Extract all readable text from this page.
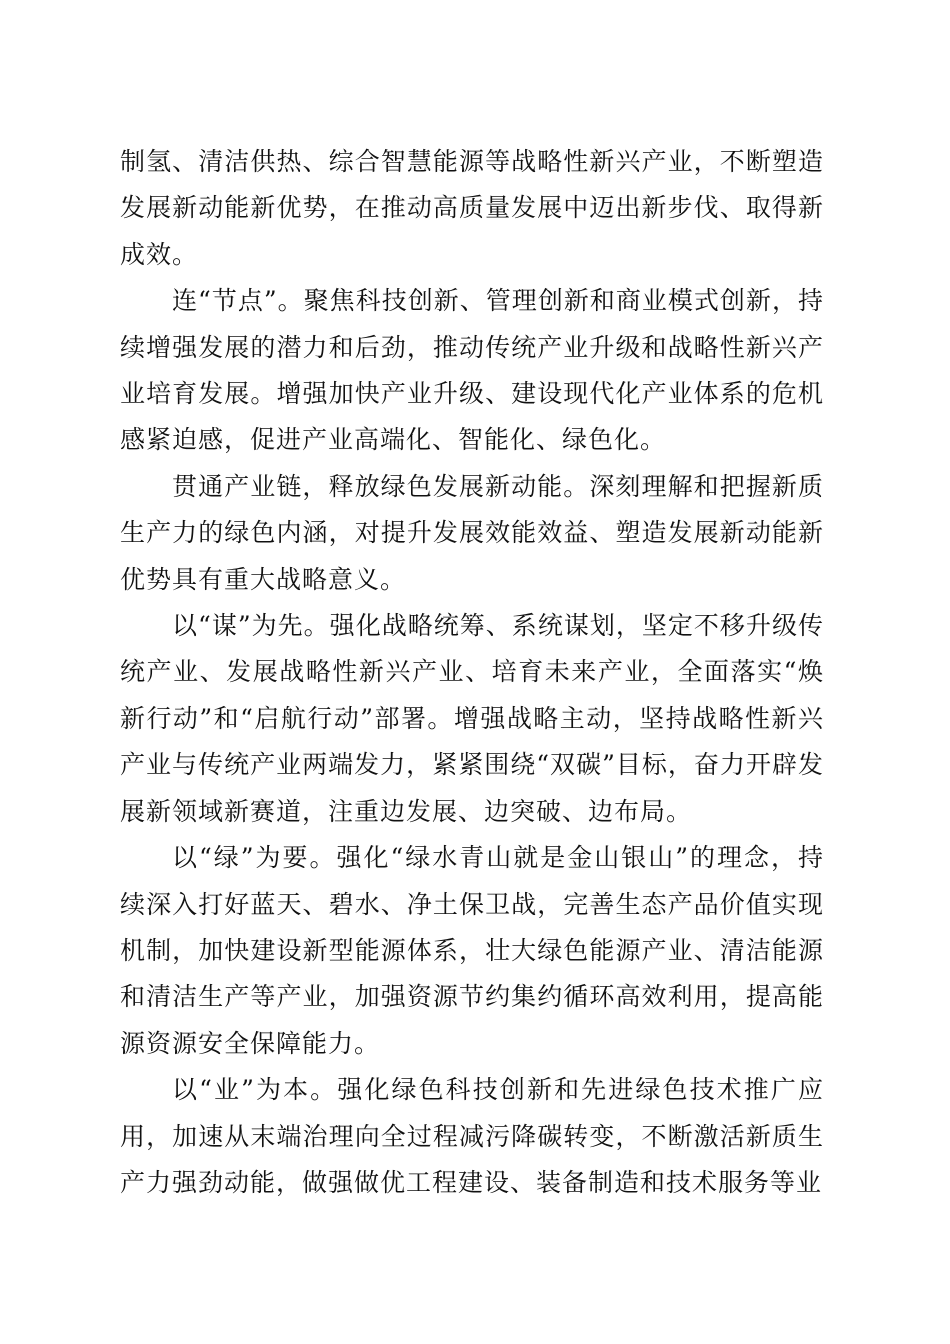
制氢、清洁供热、综合智慧能源等战略性新兴产业，不断塑造发展新动能新优势，在推动高质量发展中迈出新步伐、取得新成效。

连“节点”。聚焦科技创新、管理创新和商业模式创新，持续增强发展的潜力和后劲，推动传统产业升级和战略性新兴产业培育发展。增强加快产业升级、建设现代化产业体系的危机感紧迫感，促进产业高端化、智能化、绿色化。

贯通产业链，释放绿色发展新动能。深刻理解和把握新质生产力的绿色内涵，对提升发展效能效益、塑造发展新动能新优势具有重大战略意义。

以“谋”为先。强化战略统筹、系统谋划，坚定不移升级传统产业、发展战略性新兴产业、培育未来产业，全面落实“焕新行动”和“启航行动”部署。增强战略主动，坚持战略性新兴产业与传统产业两端发力，紧紧围绕“双碳”目标，奋力开辟发展新领域新赛道，注重边发展、边突破、边布局。

以“绿”为要。强化“绿水青山就是金山银山”的理念，持续深入打好蓝天、碧水、净土保卫战，完善生态产品价值实现机制，加快建设新型能源体系，壮大绿色能源产业、清洁能源和清洁生产等产业，加强资源节约集约循环高效利用，提高能源资源安全保障能力。

以“业”为本。强化绿色科技创新和先进绿色技术推广应用，加速从末端治理向全过程减污降碳转变，不断激活新质生产力强劲动能，做强做优工程建设、装备制造和技术服务等业
